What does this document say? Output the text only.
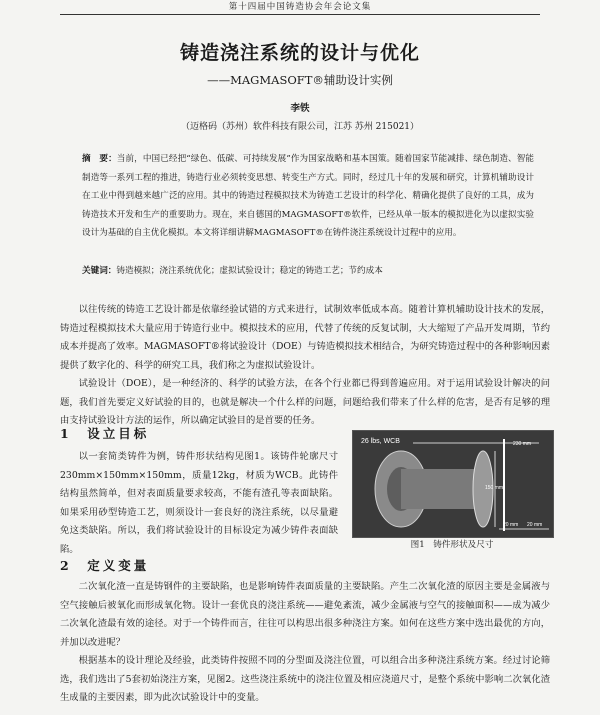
第十四届中国铸造协会年会论文集
铸造浇注系统的设计与优化
——MAGMASOFT®辅助设计实例
李铁
（迈格码（苏州）软件科技有限公司，江苏 苏州 215021）
摘　要：当前，中国已经把“绿色、低碳、可持续发展”作为国家战略和基本国策。随着国家节能减排、绿色制造、智能制造等一系列工程的推进，铸造行业必须转变思想、转变生产方式。同时，经过几十年的发展和研究，计算机辅助设计在工业中得到越来越广泛的应用。其中的铸造过程模拟技术为铸造工艺设计的科学化、精确化提供了良好的工具，成为铸造技术开发和生产的重要助力。现在，来自德国的MAGMASOFT®软件，已经从单一版本的模拟进化为以虚拟实验设计为基础的自主优化模拟。本文将详细讲解MAGMASOFT®在铸件浇注系统设计过程中的应用。
关键词：铸造模拟；浇注系统优化；虚拟试验设计；稳定的铸造工艺；节约成本

以往传统的铸造工艺设计都是依靠经验试错的方式来进行，试制效率低成本高。随着计算机辅助设计技术的发展，铸造过程模拟技术大量应用于铸造行业中。模拟技术的应用，代替了传统的反复试制，大大缩短了产品开发周期，节约成本并提高了效率。MAGMASOFT®将试验设计（DOE）与铸造模拟技术相结合，为研究铸造过程中的各种影响因素提供了数字化的、科学的研究工具，我们称之为虚拟试验设计。

试验设计（DOE），是一种经济的、科学的试验方法，在各个行业都已得到普遍应用。对于运用试验设计解决的问题，我们首先要定义好试验的目的，也就是解决一个什么样的问题，问题给我们带来了什么样的危害，是否有足够的理由支持试验设计方法的运作，所以确定试验目的是首要的任务。

1　设立目标

以一套简类铸件为例，铸件形状结构见图1。该铸件轮廓尺寸230mm×150mm×150mm，质量12kg，材质为WCB。此铸件结构虽然简单，但对表面质量要求较高，不能有渣孔等表面缺陷。如果采用砂型铸造工艺，则须设计一套良好的浇注系统，以尽量避免这类缺陷。所以，我们将试验设计的目标设定为减少铸件表面缺陷。

26 lbs, WCB	230 mm
150 mm
20 mm 20 mm
图1　铸件形状及尺寸
2　定义变量

二次氧化渣一直是铸钢件的主要缺陷，也是影响铸件表面质量的主要缺陷。产生二次氧化渣的原因主要是金属液与空气接触后被氧化而形成氧化物。设计一套优良的浇注系统——避免紊流，减少金属液与空气的接触面积——成为减少二次氧化渣最有效的途径。对于一个铸件而言，往往可以构思出很多种浇注方案。如何在这些方案中选出最优的方向，并加以改进呢？

根据基本的设计理论及经验，此类铸件按照不同的分型面及浇注位置，可以组合出多种浇注系统方案。经过讨论筛选，我们选出了5套初始浇注方案，见图2。这些浇注系统中的浇注位置及相应浇道尺寸，是整个系统中影响二次氧化渣生成量的主要因素，即为此次试验设计中的变量。
